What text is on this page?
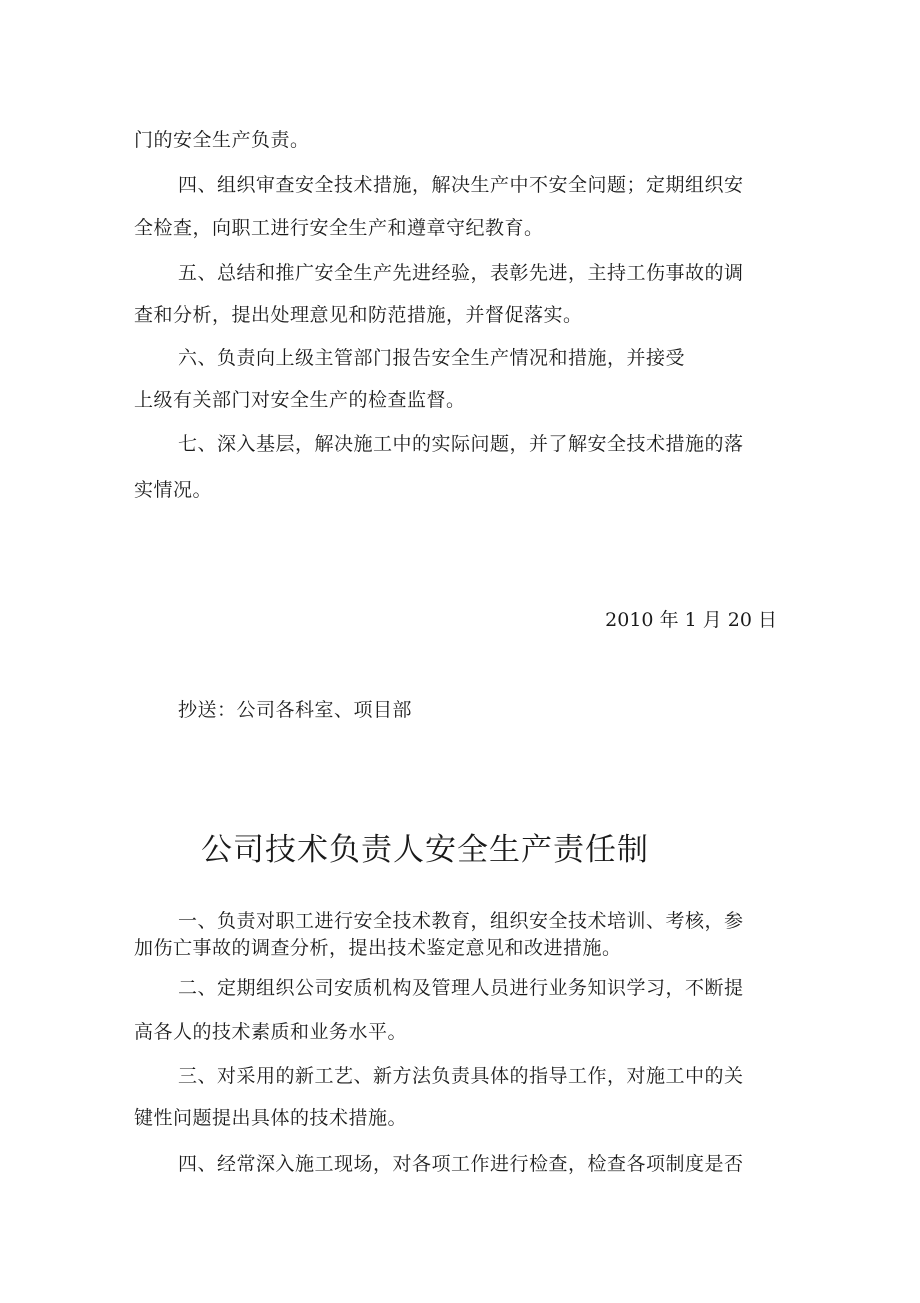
门的安全生产负责。
四、组织审查安全技术措施，解决生产中不安全问题；定期组织安
全检查，向职工进行安全生产和遵章守纪教育。
五、总结和推广安全生产先进经验，表彰先进，主持工伤事故的调
查和分析，提出处理意见和防范措施，并督促落实。
六、负责向上级主管部门报告安全生产情况和措施，并接受
上级有关部门对安全生产的检查监督。
七、深入基层，解决施工中的实际问题，并了解安全技术措施的落
实情况。
2010 年 1 月 20 日
抄送：公司各科室、项目部
公司技术负责人安全生产责任制
一、负责对职工进行安全技术教育，组织安全技术培训、考核，参
加伤亡事故的调查分析，提出技术鉴定意见和改进措施。
二、定期组织公司安质机构及管理人员进行业务知识学习，不断提
高各人的技术素质和业务水平。
三、对采用的新工艺、新方法负责具体的指导工作，对施工中的关
键性问题提出具体的技术措施。
四、经常深入施工现场，对各项工作进行检查，检查各项制度是否
